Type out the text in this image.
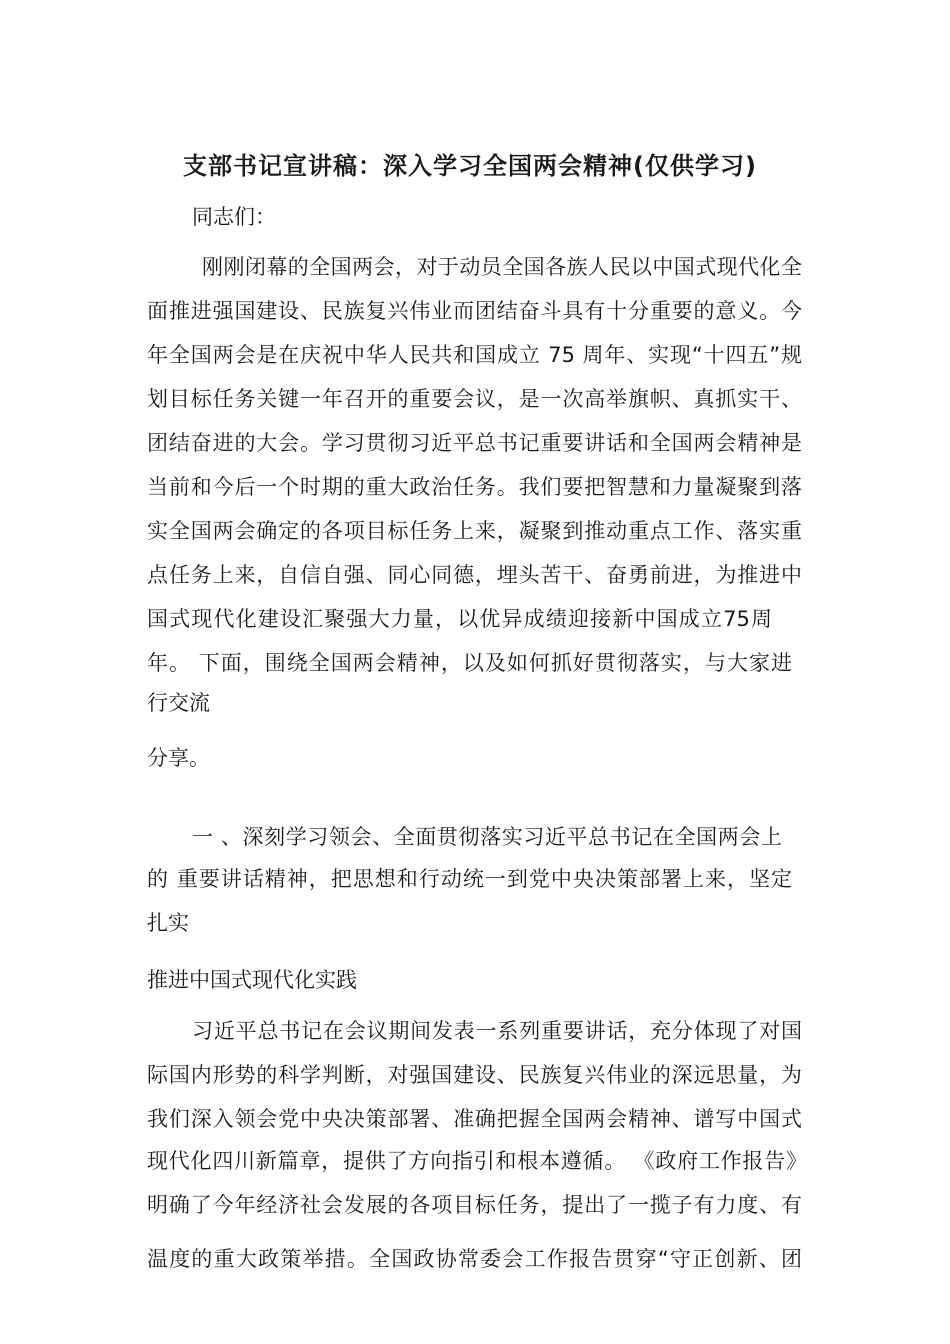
支部书记宣讲稿：深入学习全国两会精神(仅供学习)
同志们：
刚刚闭幕的全国两会，对于动员全国各族人民以中国式现代化全
面推进强国建设、民族复兴伟业而团结奋斗具有十分重要的意义。今
年全国两会是在庆祝中华人民共和国成立 75 周年、实现“十四五”规
划目标任务关键一年召开的重要会议，是一次高举旗帜、真抓实干、
团结奋进的大会。学习贯彻习近平总书记重要讲话和全国两会精神是
当前和今后一个时期的重大政治任务。我们要把智慧和力量凝聚到落
实全国两会确定的各项目标任务上来，凝聚到推动重点工作、落实重
点任务上来，自信自强、同心同德，埋头苦干、奋勇前进，为推进中
国式现代化建设汇聚强大力量，以优异成绩迎接新中国成立75周
年。 下面，围绕全国两会精神，以及如何抓好贯彻落实，与大家进
行交流
分享。
一 、深刻学习领会、全面贯彻落实习近平总书记在全国两会上
的 重要讲话精神，把思想和行动统一到党中央决策部署上来，坚定
扎实
推进中国式现代化实践
习近平总书记在会议期间发表一系列重要讲话，充分体现了对国
际国内形势的科学判断，对强国建设、民族复兴伟业的深远思量，为
我们深入领会党中央决策部署、准确把握全国两会精神、谱写中国式
现代化四川新篇章，提供了方向指引和根本遵循。 《政府工作报告》
明确了今年经济社会发展的各项目标任务，提出了一揽子有力度、有
温度的重大政策举措。全国政协常委会工作报告贯穿“守正创新、团
